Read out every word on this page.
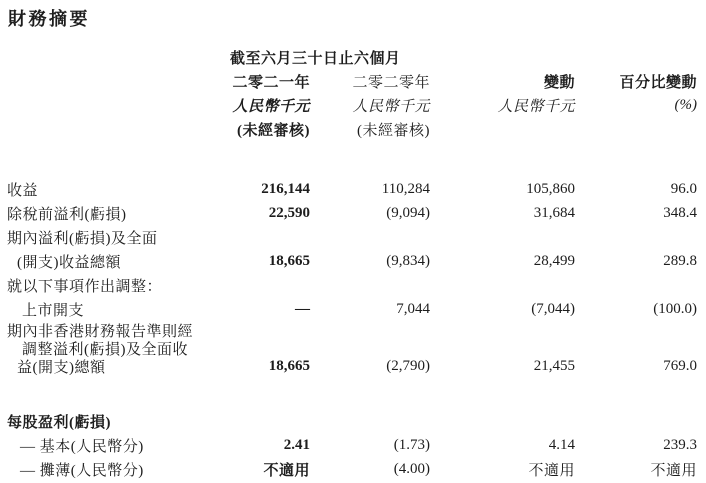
財務摘要
截至六月三十日止六個月
二零二一年	二零二零年	變動	百分比變動
人民幣千元	人民幣千元	人民幣千元	(%)
(未經審核)	(未經審核)
收益	216,144	110,284	105,860	96.0
除稅前溢利(虧損)	22,590	(9,094)	31,684	348.4
期內溢利(虧損)及全面
(開支)收益總額	18,665	(9,834)	28,499	289.8
就以下事項作出調整：
上市開支	—	7,044	(7,044)	(100.0)
期內非香港財務報告準則經
調整溢利(虧損)及全面收
益(開支)總額	18,665	(2,790)	21,455	769.0
每股盈利(虧損)
— 基本(人民幣分)	2.41	(1.73)	4.14	239.3
— 攤薄(人民幣分)	不適用	(4.00)	不適用	不適用
